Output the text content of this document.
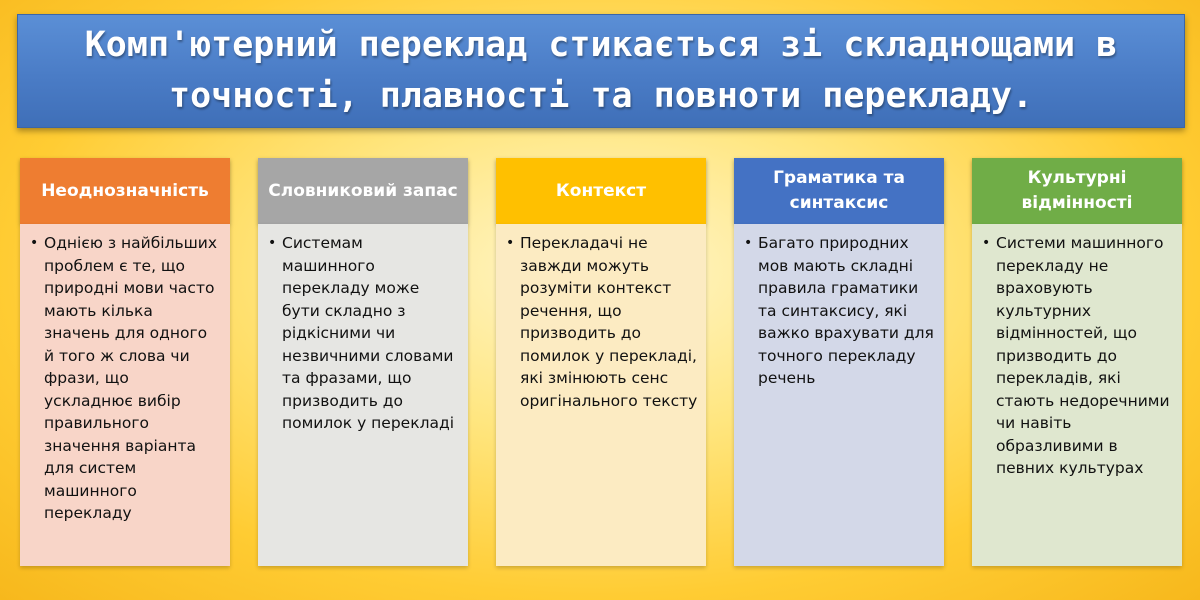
Комп'ютерний переклад стикається зі складнощами в точності, плавності та повноти перекладу.
Неоднозначність
• Однією з найбільших проблем є те, що природні мови часто мають кілька значень для одного й того ж слова чи фрази, що ускладнює вибір правильного значення варіанта для систем машинного перекладу
Словниковий запас
• Системам машинного перекладу може бути складно з рідкісними чи незвичними словами та фразами, що призводить до помилок у перекладі
Контекст
• Перекладачі не завжди можуть розуміти контекст речення, що призводить до помилок у перекладі, які змінюють сенс оригінального тексту
Граматика та синтаксис
• Багато природних мов мають складні правила граматики та синтаксису, які важко врахувати для точного перекладу речень
Культурні відмінності
• Системи машинного перекладу не враховують культурних відмінностей, що призводить до перекладів, які стають недоречними чи навіть образливими в певних культурах
